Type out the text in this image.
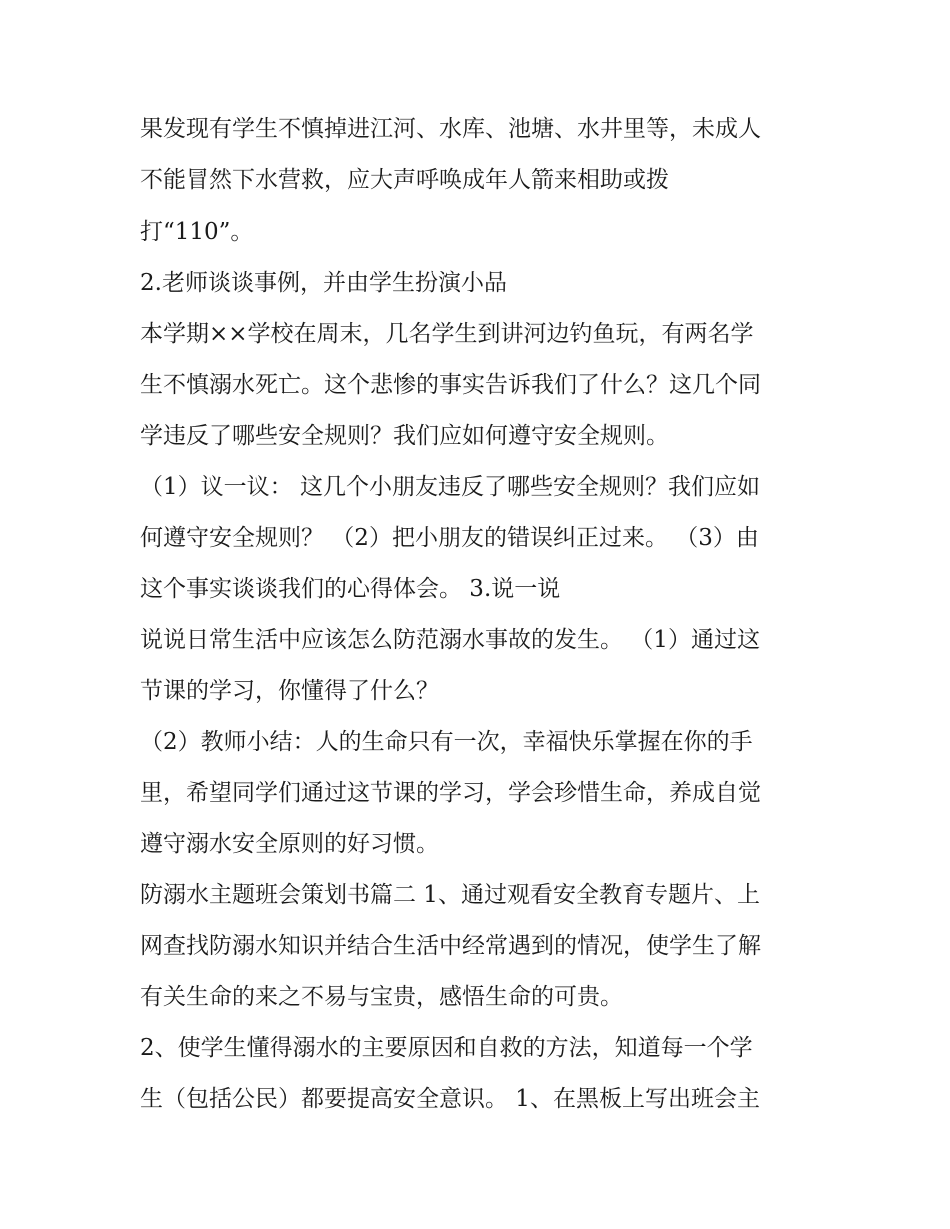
果发现有学生不慎掉进江河、水库、池塘、水井里等，未成人
不能冒然下水营救，应大声呼唤成年人箭来相助或拨
打“110”。
2.老师谈谈事例，并由学生扮演小品
本学期××学校在周末，几名学生到讲河边钓鱼玩，有两名学
生不慎溺水死亡。这个悲惨的事实告诉我们了什么？这几个同
学违反了哪些安全规则？我们应如何遵守安全规则。
（1）议一议： 这几个小朋友违反了哪些安全规则？我们应如
何遵守安全规则？ （2）把小朋友的错误纠正过来。 （3）由
这个事实谈谈我们的心得体会。 3.说一说
说说日常生活中应该怎么防范溺水事故的发生。 （1）通过这
节课的学习，你懂得了什么？
（2）教师小结：人的生命只有一次，幸福快乐掌握在你的手
里，希望同学们通过这节课的学习，学会珍惜生命，养成自觉
遵守溺水安全原则的好习惯。
防溺水主题班会策划书篇二 1、通过观看安全教育专题片、上
网查找防溺水知识并结合生活中经常遇到的情况，使学生了解
有关生命的来之不易与宝贵，感悟生命的可贵。
2、使学生懂得溺水的主要原因和自救的方法，知道每一个学
生（包括公民）都要提高安全意识。 1、在黑板上写出班会主
